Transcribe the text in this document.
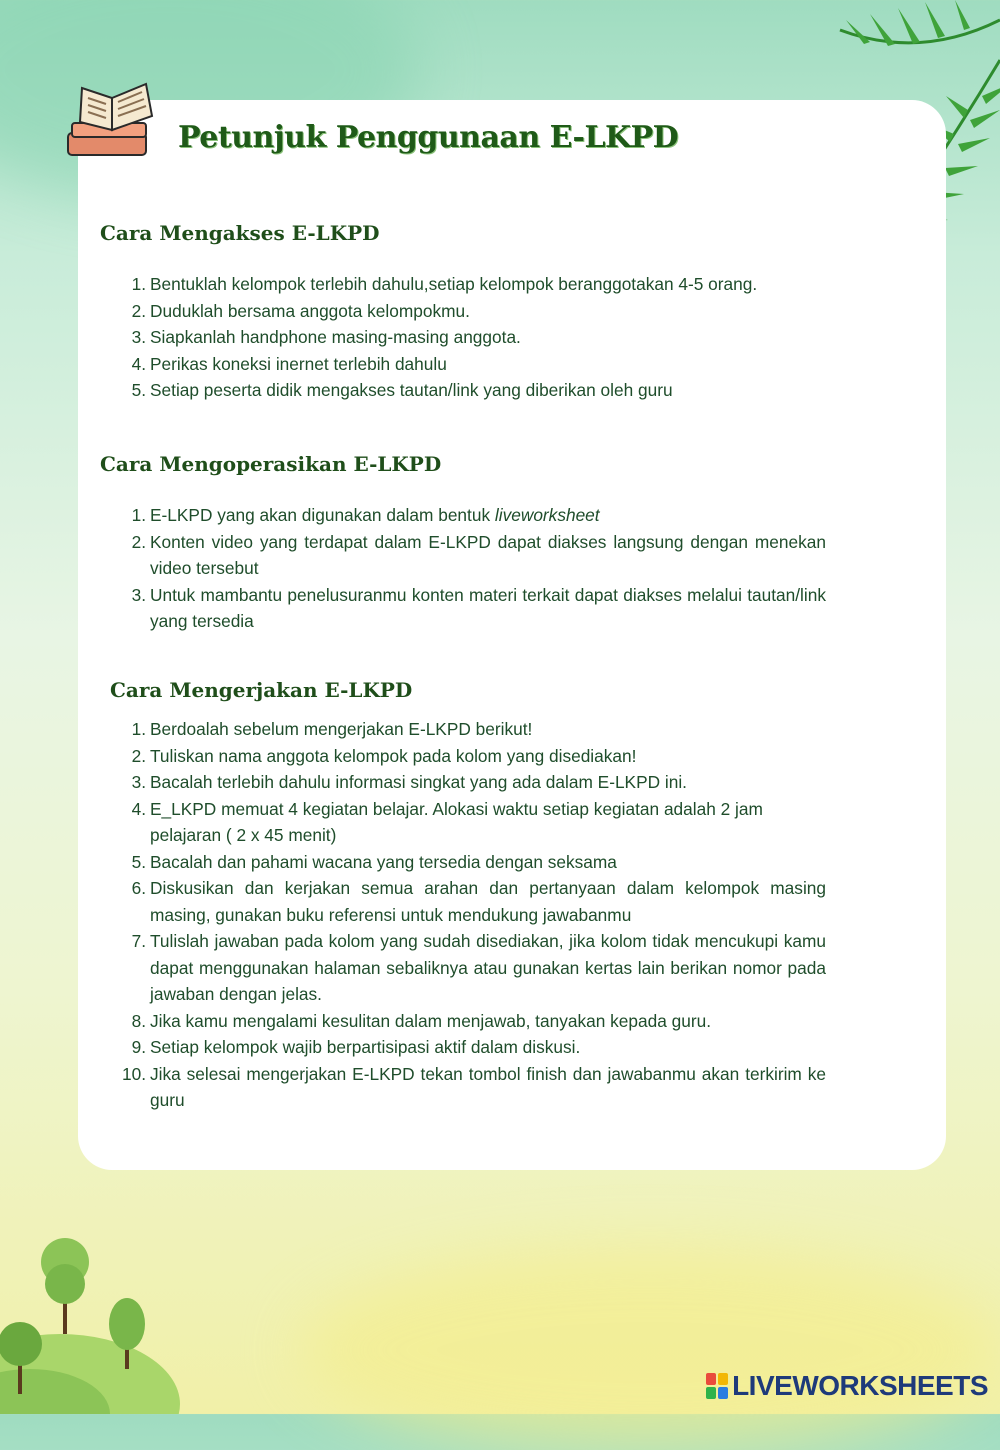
Petunjuk Penggunaan E-LKPD
Cara Mengakses E-LKPD
1. Bentuklah kelompok terlebih dahulu,setiap kelompok beranggotakan 4-5 orang.
2. Duduklah bersama anggota kelompokmu.
3. Siapkanlah handphone masing-masing anggota.
4. Perikas koneksi inernet terlebih dahulu
5. Setiap peserta didik mengakses tautan/link yang diberikan oleh guru
Cara Mengoperasikan E-LKPD
1. E-LKPD yang akan digunakan dalam bentuk liveworksheet
2. Konten video yang terdapat dalam E-LKPD dapat diakses langsung dengan menekan video tersebut
3. Untuk mambantu penelusuranmu konten materi terkait dapat diakses melalui tautan/link yang tersedia
Cara Mengerjakan E-LKPD
1. Berdoalah sebelum mengerjakan E-LKPD berikut!
2. Tuliskan nama anggota kelompok pada kolom yang disediakan!
3. Bacalah terlebih dahulu informasi singkat yang ada dalam E-LKPD ini.
4. E_LKPD memuat 4 kegiatan belajar. Alokasi waktu setiap kegiatan adalah 2 jam pelajaran ( 2 x 45 menit)
5. Bacalah dan pahami wacana yang tersedia dengan seksama
6. Diskusikan dan kerjakan semua arahan dan pertanyaan dalam kelompok masing masing, gunakan buku referensi untuk mendukung jawabanmu
7. Tulislah jawaban pada kolom yang sudah disediakan, jika kolom tidak mencukupi kamu dapat menggunakan halaman sebaliknya atau gunakan kertas lain berikan nomor pada jawaban dengan jelas.
8. Jika kamu mengalami kesulitan dalam menjawab, tanyakan kepada guru.
9. Setiap kelompok wajib berpartisipasi aktif dalam diskusi.
10. Jika selesai mengerjakan E-LKPD tekan tombol finish dan jawabanmu akan terkirim ke guru
LIVEWORKSHEETS
